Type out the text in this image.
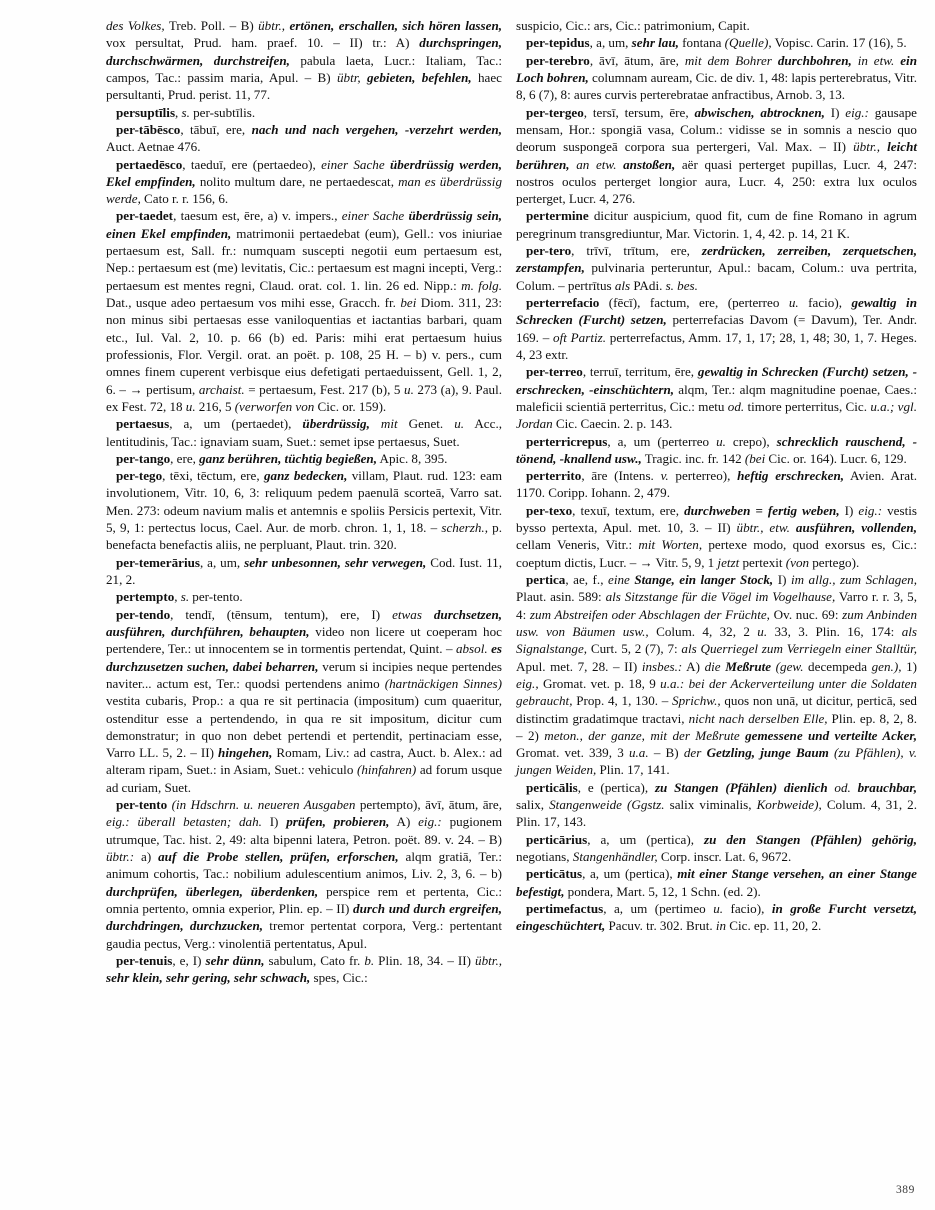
des Volkes, Treb. Poll. – B) übtr., ertönen, erschallen, sich hören lassen, vox persultat, Prud. ham. praef. 10. – II) tr.: A) durchspringen, durchschwärmen, durchstreifen, pabula laeta, Lucr.: Italiam, Tac.: campos, Tac.: passim maria, Apul. – B) übtr, gebieten, befehlen, haec persultanti, Prud. perist. 11, 77.

persuptīlis, s. per-subtīlis.

per-tābēsco, tābuī, ere, nach und nach vergehen, -verzehrt werden, Auct. Aetnae 476.

pertaedēsco, taeduī, ere (pertaedeo), einer Sache überdrüssig werden, Ekel empfinden, nolito multum dare, ne pertaedescat, man es überdrüssig werde, Cato r. r. 156, 6.

per-taedet, taesum est, ēre, a) v. impers., einer Sache überdrüssig sein, einen Ekel empfinden, matrimonii pertaedebat (eum), Gell.: vos iniuriae pertaesum est, Sall. fr.: numquam suscepti negotii eum pertaesum est, Nep.: pertaesum est (me) levitatis, Cic.: pertaesum est magni incepti, Verg.: pertaesum est mentes regni, Claud. orat. col. 1. lin. 26 ed. Nipp.: m. folg. Dat., usque adeo pertaesum vos mihi esse, Gracch. fr. bei Diom. 311, 23: non minus sibi pertaesas esse vaniloquentias et iactantias barbari, quam etc., Iul. Val. 2, 10. p. 66 (b) ed. Paris: mihi erat pertaesum huius professionis, Flor. Vergil. orat. an poët. p. 108, 25 H. – b) v. pers., cum omnes finem cuperent verbisque eius defetigati pertaeduissent, Gell. 1, 2, 6. – → pertisum, archaist. = pertaesum, Fest. 217 (b), 5 u. 273 (a), 9. Paul. ex Fest. 72, 18 u. 216, 5 (verworfen von Cic. or. 159).

pertaesus, a, um (pertaedet), überdrüssig, mit Genet. u. Acc., lentitudinis, Tac.: ignaviam suam, Suet.: semet ipse pertaesus, Suet.

per-tango, ere, ganz berühren, tüchtig begießen, Apic. 8, 395.

per-tego, tēxi, tēctum, ere, ganz bedecken, villam, Plaut. rud. 123: eam involutionem, Vitr. 10, 6, 3: reliquum pedem paenulā scorteā, Varro sat. Men. 273: odeum navium malis et antemnis e spoliis Persicis pertexit, Vitr. 5, 9, 1: pertectus locus, Cael. Aur. de morb. chron. 1, 1, 18. – scherzh., p. benefacta benefactis aliis, ne perpluant, Plaut. trin. 320.

per-temerārius, a, um, sehr unbesonnen, sehr verwegen, Cod. Iust. 11, 21, 2.

pertempto, s. per-tento.

per-tendo, tendī, (tēnsum, tentum), ere, I) etwas durchsetzen, ausführen, durchführen, behaupten, video non licere ut coeperam hoc pertendere, Ter.: ut innocentem se in tormentis pertendat, Quint. – absol. es durchzusetzen suchen, dabei beharren, verum si incipies neque pertendes naviter... actum est, Ter.: quodsi pertendens animo (hartnäckigen Sinnes) vestita cubaris, Prop.: a qua re sit pertinacia (impositum) cum quaeritur, ostenditur esse a pertendendo, in qua re sit impositum, dicitur cum demonstratur; in quo non debet pertendi et pertendit, pertinaciam esse, Varro LL. 5, 2. – II) hingehen, Romam, Liv.: ad castra, Auct. b. Alex.: ad alteram ripam, Suet.: in Asiam, Suet.: vehiculo (hinfahren) ad forum usque ad curiam, Suet.

per-tento (in Hdschrn. u. neueren Ausgaben pertempto), āvī, ātum, āre, eig.: überall betasten; dah. I) prüfen, probieren, A) eig.: pugionem utrumque, Tac. hist. 2, 49: alta bipenni latera, Petron. poët. 89. v. 24. – B) übtr.: a) auf die Probe stellen, prüfen, erforschen, alqm gratiā, Ter.: animum cohortis, Tac.: nobilium adulescentium animos, Liv. 2, 3, 6. – b) durchprüfen, überlegen, überdenken, perspice rem et pertenta, Cic.: omnia pertento, omnia experior, Plin. ep. – II) durch und durch ergreifen, durchdringen, durchzucken, tremor pertentat corpora, Verg.: pertentant gaudia pectus, Verg.: vinolentiā pertentatus, Apul.

per-tenuis, e, I) sehr dünn, sabulum, Cato fr. b. Plin. 18, 34. – II) übtr., sehr klein, sehr gering, sehr schwach, spes, Cic.:

suspicio, Cic.: ars, Cic.: patrimonium, Capit.

per-tepidus, a, um, sehr lau, fontana (Quelle), Vopisc. Carin. 17 (16), 5.

per-terebro, āvī, ātum, āre, mit dem Bohrer durchbohren, in etw. ein Loch bohren, columnam auream, Cic. de div. 1, 48: lapis perterebratus, Vitr. 8, 6 (7), 8: aures curvis perterebratae anfractibus, Arnob. 3, 13.

per-tergeo, tersī, tersum, ēre, abwischen, abtrocknen, I) eig.: gausape mensam, Hor.: spongiā vasa, Colum.: vidisse se in somnis a nescio quo deorum suspongeā corpora sua pertergeri, Val. Max. – II) übtr., leicht berühren, an etw. anstoßen, aër quasi perterget pupillas, Lucr. 4, 247: nostros oculos perterget longior aura, Lucr. 4, 250: extra lux oculos perterget, Lucr. 4, 276.

pertermine dicitur auspicium, quod fit, cum de fine Romano in agrum peregrinum transgrediuntur, Mar. Victorin. 1, 4, 42. p. 14, 21 K.

per-tero, trīvī, trītum, ere, zerdrücken, zerreiben, zerquetschen, zerstampfen, pulvinaria perteruntur, Apul.: bacam, Colum.: uva pertrita, Colum. – pertrītus als PAdi. s. bes.

perterrefacio (fēcī), factum, ere, (perterreo u. facio), gewaltig in Schrecken (Furcht) setzen, perterrefacias Davom (= Davum), Ter. Andr. 169. – oft Partiz. perterrefactus, Amm. 17, 1, 17; 28, 1, 48; 30, 1, 7. Heges. 4, 23 extr.

per-terreo, terruī, territum, ēre, gewaltig in Schrecken (Furcht) setzen, -erschrecken, -einschüchtern, alqm, Ter.: alqm magnitudine poenae, Caes.: maleficii scientiā perterritus, Cic.: metu od. timore perterritus, Cic. u.a.; vgl. Jordan Cic. Caecin. 2. p. 143.

perterricrepus, a, um (perterreo u. crepo), schrecklich rauschend, -tönend, -knallend usw., Tragic. inc. fr. 142 (bei Cic. or. 164). Lucr. 6, 129.

perterrito, āre (Intens. v. perterreo), heftig erschrecken, Avien. Arat. 1170. Coripp. Iohann. 2, 479.

per-texo, texuī, textum, ere, durchweben = fertig weben, I) eig.: vestis bysso pertexta, Apul. met. 10, 3. – II) übtr., etw. ausführen, vollenden, cellam Veneris, Vitr.: mit Worten, pertexe modo, quod exorsus es, Cic.: coeptum dictis, Lucr. – → Vitr. 5, 9, 1 jetzt pertexit (von pertego).

pertica, ae, f., eine Stange, ein langer Stock, I) im allg., zum Schlagen, Plaut. asin. 589: als Sitzstange für die Vögel im Vogelhause, Varro r. r. 3, 5, 4: zum Abstreifen oder Abschlagen der Früchte, Ov. nuc. 69: zum Anbinden usw. von Bäumen usw., Colum. 4, 32, 2 u. 33, 3. Plin. 16, 174: als Signalstange, Curt. 5, 2 (7), 7: als Querriegel zum Verriegeln einer Stalltür, Apul. met. 7, 28. – II) insbes.: A) die Meßrute (gew. decempeda gen.), 1) eig., Gromat. vet. p. 18, 9 u.a.: bei der Ackerverteilung unter die Soldaten gebraucht, Prop. 4, 1, 130. – Sprichw., quos non unā, ut dicitur, perticā, sed distinctim gradatimque tractavi, nicht nach derselben Elle, Plin. ep. 8, 2, 8. – 2) meton., der ganze, mit der Meßrute gemessene und verteilte Acker, Gromat. vet. 339, 3 u.a. – B) der Getzling, junge Baum (zu Pfählen), v. jungen Weiden, Plin. 17, 141.

perticālis, e (pertica), zu Stangen (Pfählen) dienlich od. brauchbar, salix, Stangenweide (Ggstz. salix viminalis, Korbweide), Colum. 4, 31, 2. Plin. 17, 143.

perticārius, a, um (pertica), zu den Stangen (Pfählen) gehörig, negotians, Stangenhändler, Corp. inscr. Lat. 6, 9672.

perticātus, a, um (pertica), mit einer Stange versehen, an einer Stange befestigt, pondera, Mart. 5, 12, 1 Schn. (ed. 2).

pertimefactus, a, um (pertimeo u. facio), in große Furcht versetzt, eingeschüchtert, Pacuv. tr. 302. Brut. in Cic. ep. 11, 20, 2.

389
